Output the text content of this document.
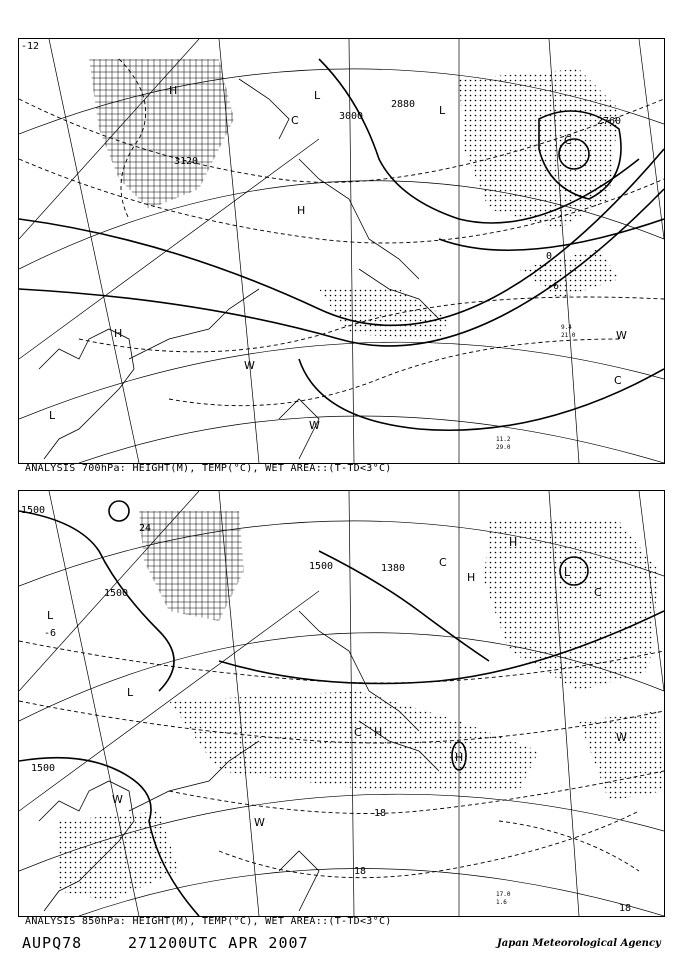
-12
3120
2880
3000	2760
0
-6
W
W
W
L
L
L
H
H
H
C
C
C
11.2
29.0
9.4
21.0
ANALYSIS 700hPa: HEIGHT(M), TEMP(°C), WET AREA::(T-TD<3°C)
1500
1500
1500
1500
1380
24
18
18
18
-6
L
L
L
H
H
H
H
C
C
C
W
W
W
17.0
1.6
ANALYSIS 850hPa: HEIGHT(M), TEMP(°C), WET AREA::(T-TD<3°C)
AUPQ78	271200UTC APR 2007	Japan Meteorological Agency
